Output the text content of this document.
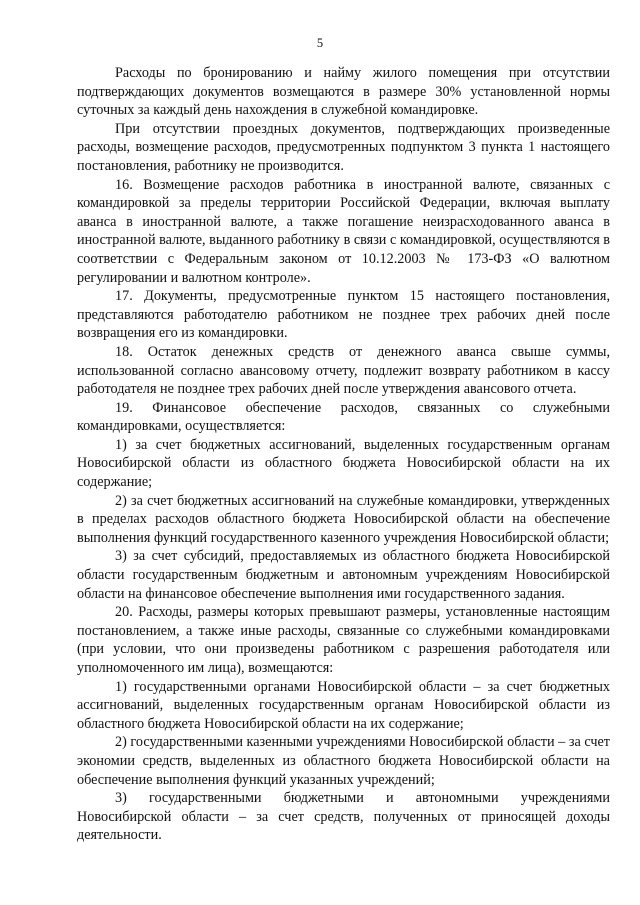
5

Расходы по бронированию и найму жилого помещения при отсутствии подтверждающих документов возмещаются в размере 30% установленной нормы суточных за каждый день нахождения в служебной командировке.

При отсутствии проездных документов, подтверждающих произведенные расходы, возмещение расходов, предусмотренных подпунктом 3 пункта 1 настоящего постановления, работнику не производится.

16. Возмещение расходов работника в иностранной валюте, связанных с командировкой за пределы территории Российской Федерации, включая выплату аванса в иностранной валюте, а также погашение неизрасходованного аванса в иностранной валюте, выданного работнику в связи с командировкой, осуществляются в соответствии с Федеральным законом от 10.12.2003 № 173-ФЗ «О валютном регулировании и валютном контроле».

17. Документы, предусмотренные пунктом 15 настоящего постановления, представляются работодателю работником не позднее трех рабочих дней после возвращения его из командировки.

18. Остаток денежных средств от денежного аванса свыше суммы, использованной согласно авансовому отчету, подлежит возврату работником в кассу работодателя не позднее трех рабочих дней после утверждения авансового отчета.

19. Финансовое обеспечение расходов, связанных со служебными командировками, осуществляется:

1) за счет бюджетных ассигнований, выделенных государственным органам Новосибирской области из областного бюджета Новосибирской области на их содержание;

2) за счет бюджетных ассигнований на служебные командировки, утвержденных в пределах расходов областного бюджета Новосибирской области на обеспечение выполнения функций государственного казенного учреждения Новосибирской области;

3) за счет субсидий, предоставляемых из областного бюджета Новосибирской области государственным бюджетным и автономным учреждениям Новосибирской области на финансовое обеспечение выполнения ими государственного задания.

20. Расходы, размеры которых превышают размеры, установленные настоящим постановлением, а также иные расходы, связанные со служебными командировками (при условии, что они произведены работником с разрешения работодателя или уполномоченного им лица), возмещаются:

1) государственными органами Новосибирской области – за счет бюджетных ассигнований, выделенных государственным органам Новосибирской области из областного бюджета Новосибирской области на их содержание;

2) государственными казенными учреждениями Новосибирской области – за счет экономии средств, выделенных из областного бюджета Новосибирской области на обеспечение выполнения функций указанных учреждений;

3) государственными бюджетными и автономными учреждениями Новосибирской области – за счет средств, полученных от приносящей доходы деятельности.
